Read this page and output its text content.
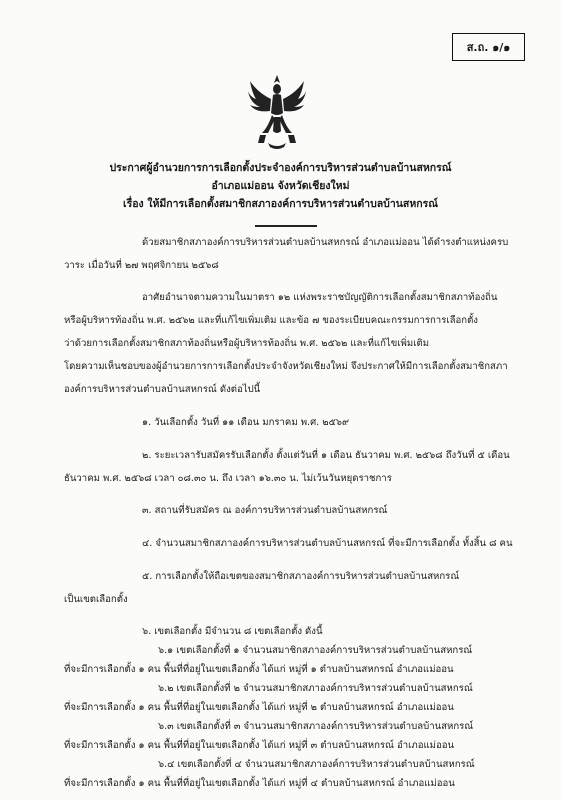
ส.ถ. ๑/๑
ประกาศผู้อำนวยการการเลือกตั้งประจำองค์การบริหารส่วนตำบลบ้านสหกรณ์
อำเภอแม่ออน จังหวัดเชียงใหม่
เรื่อง ให้มีการเลือกตั้งสมาชิกสภาองค์การบริหารส่วนตำบลบ้านสหกรณ์
ด้วยสมาชิกสภาองค์การบริหารส่วนตำบลบ้านสหกรณ์ อำเภอแม่ออน ได้ดำรงตำแหน่งครบ
วาระ เมื่อวันที่ ๒๗ พฤศจิกายน ๒๕๖๘
อาศัยอำนาจตามความในมาตรา ๑๒ แห่งพระราชบัญญัติการเลือกตั้งสมาชิกสภาท้องถิ่น
หรือผู้บริหารท้องถิ่น พ.ศ. ๒๕๖๒ และที่แก้ไขเพิ่มเติม และข้อ ๗ ของระเบียบคณะกรรมการการเลือกตั้ง
ว่าด้วยการเลือกตั้งสมาชิกสภาท้องถิ่นหรือผู้บริหารท้องถิ่น พ.ศ. ๒๕๖๒ และที่แก้ไขเพิ่มเติม
โดยความเห็นชอบของผู้อำนวยการการเลือกตั้งประจำจังหวัดเชียงใหม่ จึงประกาศให้มีการเลือกตั้งสมาชิกสภา
องค์การบริหารส่วนตำบลบ้านสหกรณ์ ดังต่อไปนี้
๑. วันเลือกตั้ง วันที่ ๑๑ เดือน มกราคม พ.ศ. ๒๕๖๙
๒. ระยะเวลารับสมัครรับเลือกตั้ง ตั้งแต่วันที่ ๑ เดือน ธันวาคม พ.ศ. ๒๕๖๘ ถึงวันที่ ๕ เดือน
ธันวาคม พ.ศ. ๒๕๖๘ เวลา ๐๘.๓๐ น. ถึง เวลา ๑๖.๓๐ น. ไม่เว้นวันหยุดราชการ
๓. สถานที่รับสมัคร ณ องค์การบริหารส่วนตำบลบ้านสหกรณ์
๔. จำนวนสมาชิกสภาองค์การบริหารส่วนตำบลบ้านสหกรณ์ ที่จะมีการเลือกตั้ง ทั้งสิ้น ๘ คน
๕. การเลือกตั้งให้ถือเขตของสมาชิกสภาองค์การบริหารส่วนตำบลบ้านสหกรณ์
เป็นเขตเลือกตั้ง
๖. เขตเลือกตั้ง มีจำนวน ๘ เขตเลือกตั้ง ดังนี้
๖.๑ เขตเลือกตั้งที่ ๑ จำนวนสมาชิกสภาองค์การบริหารส่วนตำบลบ้านสหกรณ์
ที่จะมีการเลือกตั้ง ๑ คน พื้นที่ที่อยู่ในเขตเลือกตั้ง ได้แก่ หมู่ที่ ๑ ตำบลบ้านสหกรณ์ อำเภอแม่ออน
๖.๒ เขตเลือกตั้งที่ ๒ จำนวนสมาชิกสภาองค์การบริหารส่วนตำบลบ้านสหกรณ์
ที่จะมีการเลือกตั้ง ๑ คน พื้นที่ที่อยู่ในเขตเลือกตั้ง ได้แก่ หมู่ที่ ๒ ตำบลบ้านสหกรณ์ อำเภอแม่ออน
๖.๓ เขตเลือกตั้งที่ ๓ จำนวนสมาชิกสภาองค์การบริหารส่วนตำบลบ้านสหกรณ์
ที่จะมีการเลือกตั้ง ๑ คน พื้นที่ที่อยู่ในเขตเลือกตั้ง ได้แก่ หมู่ที่ ๓ ตำบลบ้านสหกรณ์ อำเภอแม่ออน
๖.๔ เขตเลือกตั้งที่ ๔ จำนวนสมาชิกสภาองค์การบริหารส่วนตำบลบ้านสหกรณ์
ที่จะมีการเลือกตั้ง ๑ คน พื้นที่ที่อยู่ในเขตเลือกตั้ง ได้แก่ หมู่ที่ ๔ ตำบลบ้านสหกรณ์ อำเภอแม่ออน
